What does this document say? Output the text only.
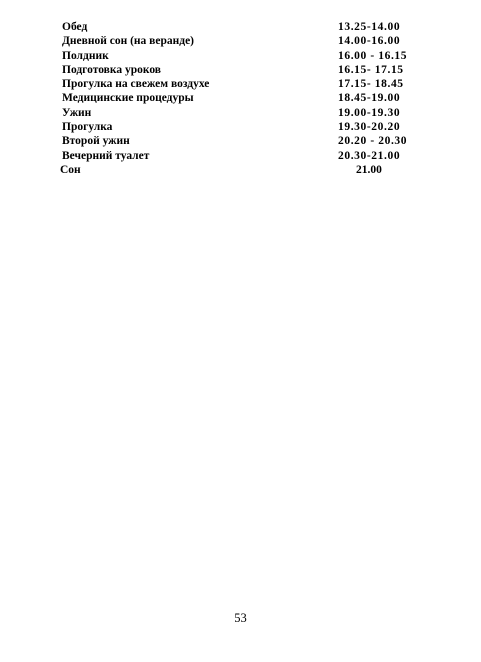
Обед	13.25-14.00
Дневной сон (на веранде)	14.00-16.00
Полдник	16.00 - 16.15
Подготовка уроков	16.15- 17.15
Прогулка на свежем воздухе	17.15- 18.45
Медицинские процедуры	18.45-19.00
Ужин	19.00-19.30
Прогулка	19.30-20.20
Второй ужин	20.20 - 20.30
Вечерний туалет	20.30-21.00
Сон	21.00
53
